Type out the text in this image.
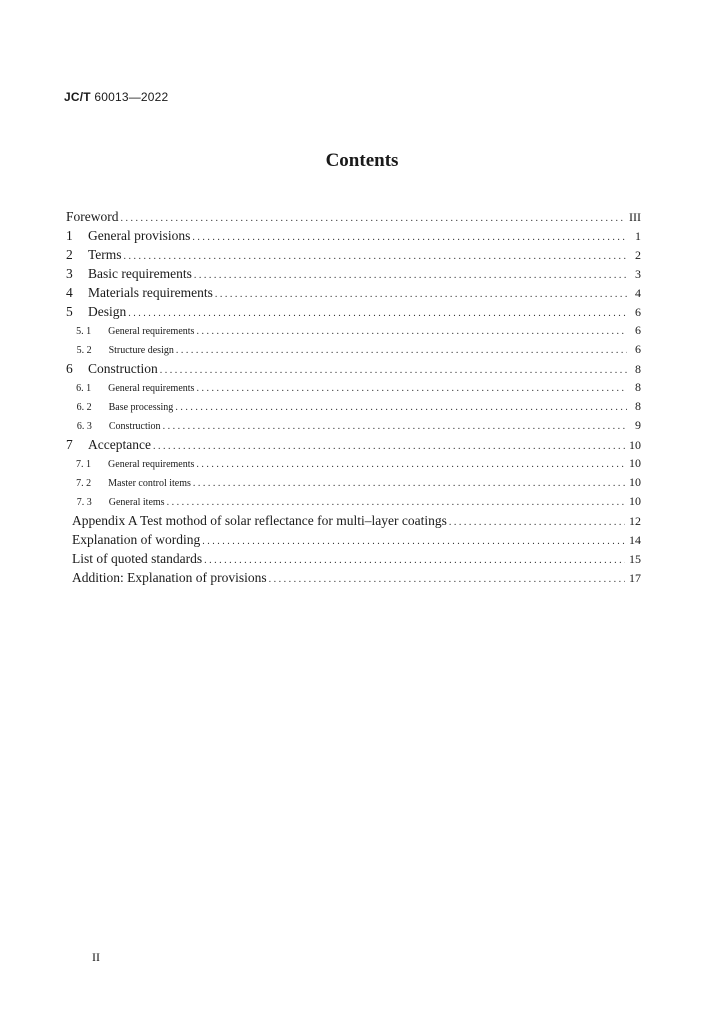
JC/T 60013—2022
Contents
Foreword . . .	III
1	General provisions . . .	1
2	Terms . . .	2
3	Basic requirements . . .	3
4	Materials requirements . . .	4
5	Design . . .	6
5. 1	General requirements . . .	6
5. 2	Structure design . . .	6
6	Construction . . .	8
6. 1	General requirements . . .	8
6. 2	Base processing . . .	8
6. 3	Construction . . .	9
7	Acceptance . . .	10
7. 1	General requirements . . .	10
7. 2	Master control items . . .	10
7. 3	General items . . .	10
Appendix A Test mothod of solar reflectance for multi–layer coatings . . .	12
Explanation of wording . . .	14
List of quoted standards . . .	15
Addition: Explanation of provisions . . .	17
II
